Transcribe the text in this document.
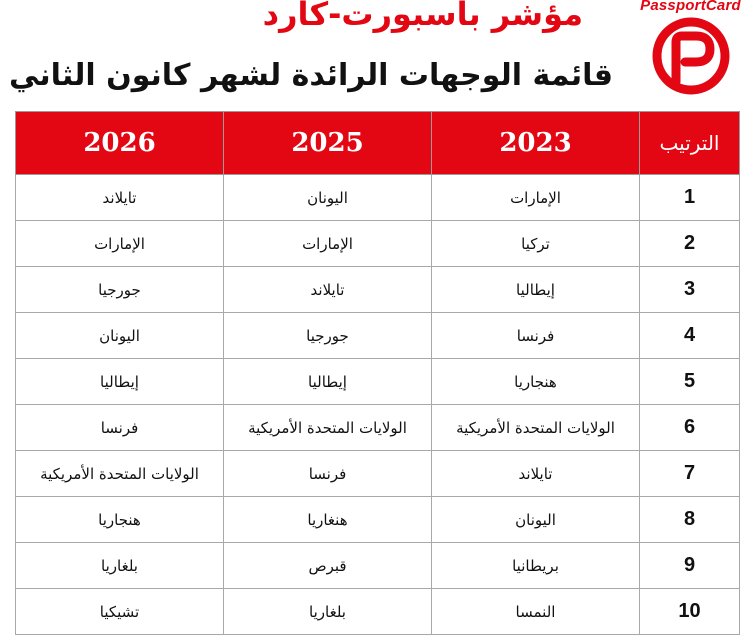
مؤشر باسبورت-كارد
قائمة الوجهات الرائدة لشهر كانون الثاني
PassportCard
الترتيب	2023	2025	2026
1	الإمارات	اليونان	تايلاند
2	تركيا	الإمارات	الإمارات
3	إيطاليا	تايلاند	جورجيا
4	فرنسا	جورجيا	اليونان
5	هنجاريا	إيطاليا	إيطاليا
6	الولايات المتحدة الأمريكية	الولايات المتحدة الأمريكية	فرنسا
7	تايلاند	فرنسا	الولايات المتحدة الأمريكية
8	اليونان	هنغاريا	هنجاريا
9	بريطانيا	قبرص	بلغاريا
10	النمسا	بلغاريا	تشيكيا
